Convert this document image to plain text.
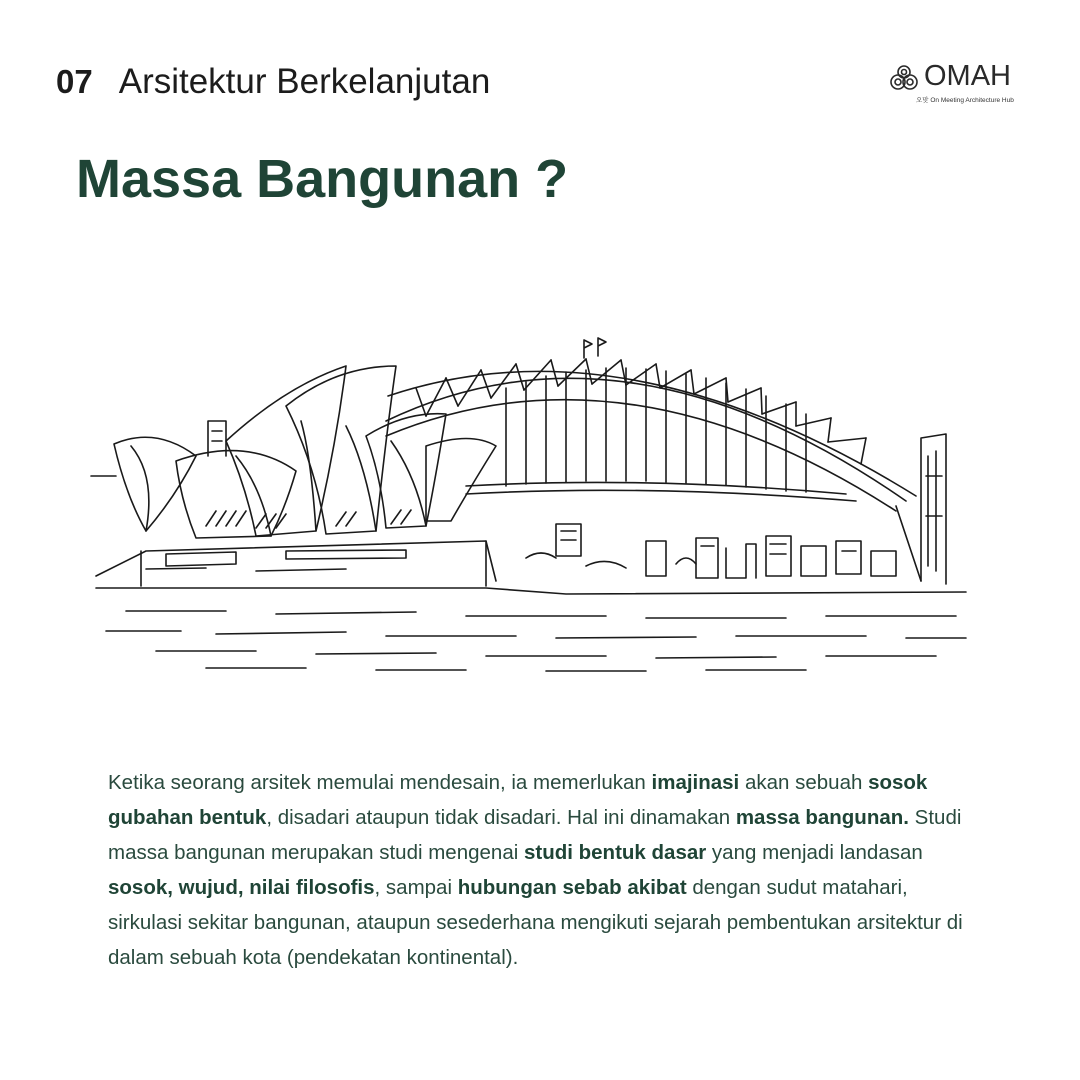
07 Arsitektur Berkelanjutan	OMAH
오맞 On Meeting Architecture Hub
Massa Bangunan ?

Ketika seorang arsitek memulai mendesain, ia memerlukan imajinasi akan sebuah sosok gubahan bentuk, disadari ataupun tidak disadari. Hal ini dinamakan massa bangunan. Studi massa bangunan merupakan studi mengenai studi bentuk dasar yang menjadi landasan sosok, wujud, nilai filosofis, sampai hubungan sebab akibat dengan sudut matahari, sirkulasi sekitar bangunan, ataupun sesederhana mengikuti sejarah pembentukan arsitektur di dalam sebuah kota (pendekatan kontinental).
